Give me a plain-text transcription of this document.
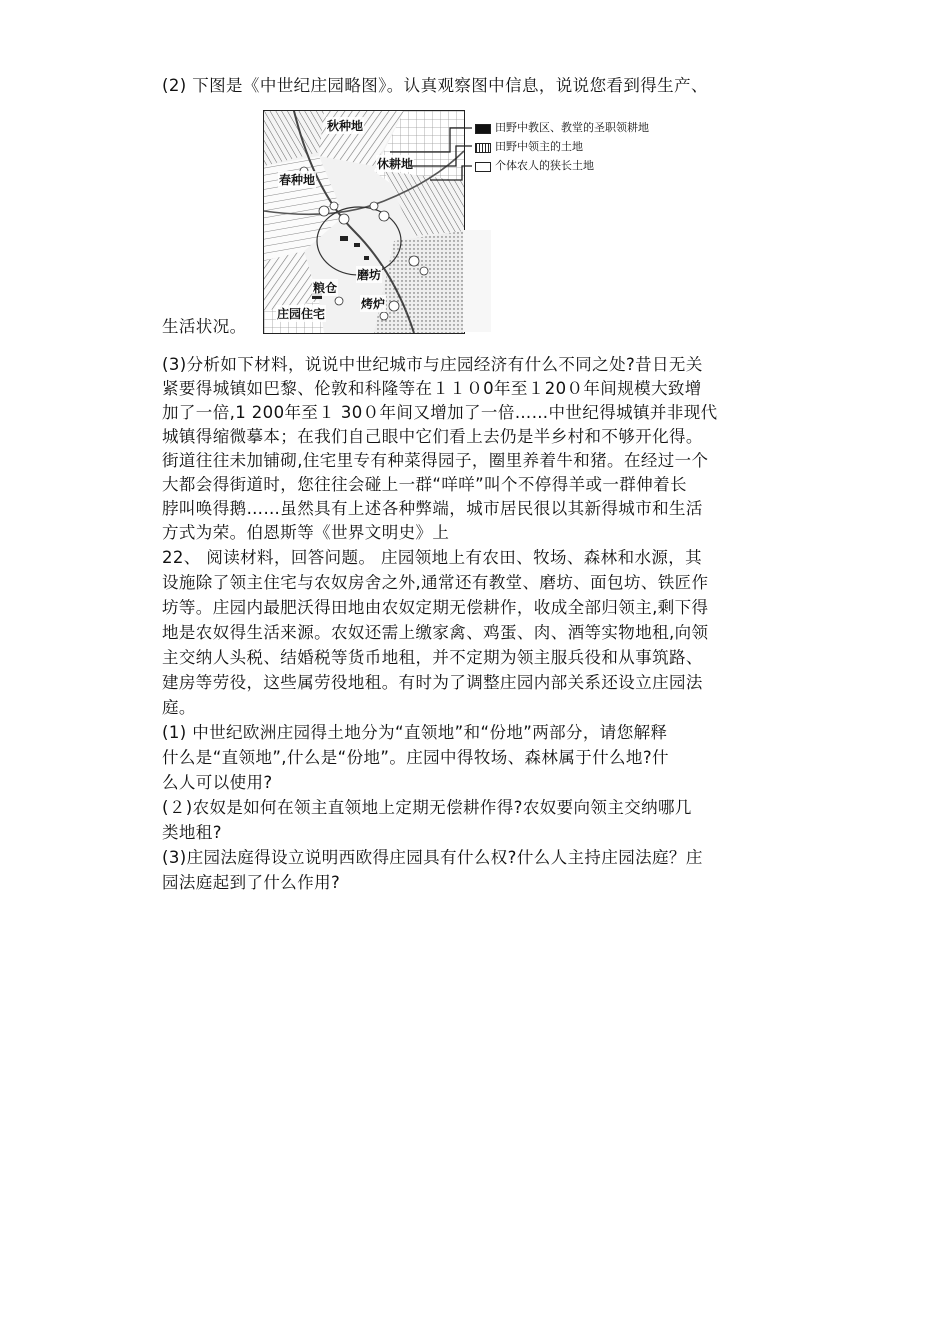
(2) 下图是《中世纪庄园略图》。认真观察图中信息，说说您看到得生产、
秋种地
休耕地
春种地
磨坊
粮仓
烤炉
庄园住宅
田野中教区、教堂的圣职领耕地
田野中领主的土地
个体农人的狭长土地
生活状况。
(3)分析如下材料，说说中世纪城市与庄园经济有什么不同之处?昔日无关
紧要得城镇如巴黎、伦敦和科隆等在１１０0年至１20０年间规模大致增
加了一倍,1 200年至１ 30０年间又增加了一倍……中世纪得城镇并非现代
城镇得缩微摹本；在我们自己眼中它们看上去仍是半乡村和不够开化得。
街道往往未加铺砌,住宅里专有种菜得园子，圈里养着牛和猪。在经过一个
大都会得街道时，您往往会碰上一群“咩咩”叫个不停得羊或一群伸着长
脖叫唤得鹅……虽然具有上述各种弊端，城市居民很以其新得城市和生活
方式为荣。伯恩斯等《世界文明史》上
22、 阅读材料，回答问题。 庄园领地上有农田、牧场、森林和水源，其
设施除了领主住宅与农奴房舍之外,通常还有教堂、磨坊、面包坊、铁匠作
坊等。庄园内最肥沃得田地由农奴定期无偿耕作，收成全部归领主,剩下得
地是农奴得生活来源。农奴还需上缴家禽、鸡蛋、肉、酒等实物地租,向领
主交纳人头税、结婚税等货币地租，并不定期为领主服兵役和从事筑路、
建房等劳役，这些属劳役地租。有时为了调整庄园内部关系还设立庄园法
庭。
(1) 中世纪欧洲庄园得土地分为“直领地”和“份地”两部分，请您解释
什么是“直领地”,什么是“份地”。庄园中得牧场、森林属于什么地?什
么人可以使用?
(２)农奴是如何在领主直领地上定期无偿耕作得?农奴要向领主交纳哪几
类地租?
(3)庄园法庭得设立说明西欧得庄园具有什么权?什么人主持庄园法庭？庄
园法庭起到了什么作用?
